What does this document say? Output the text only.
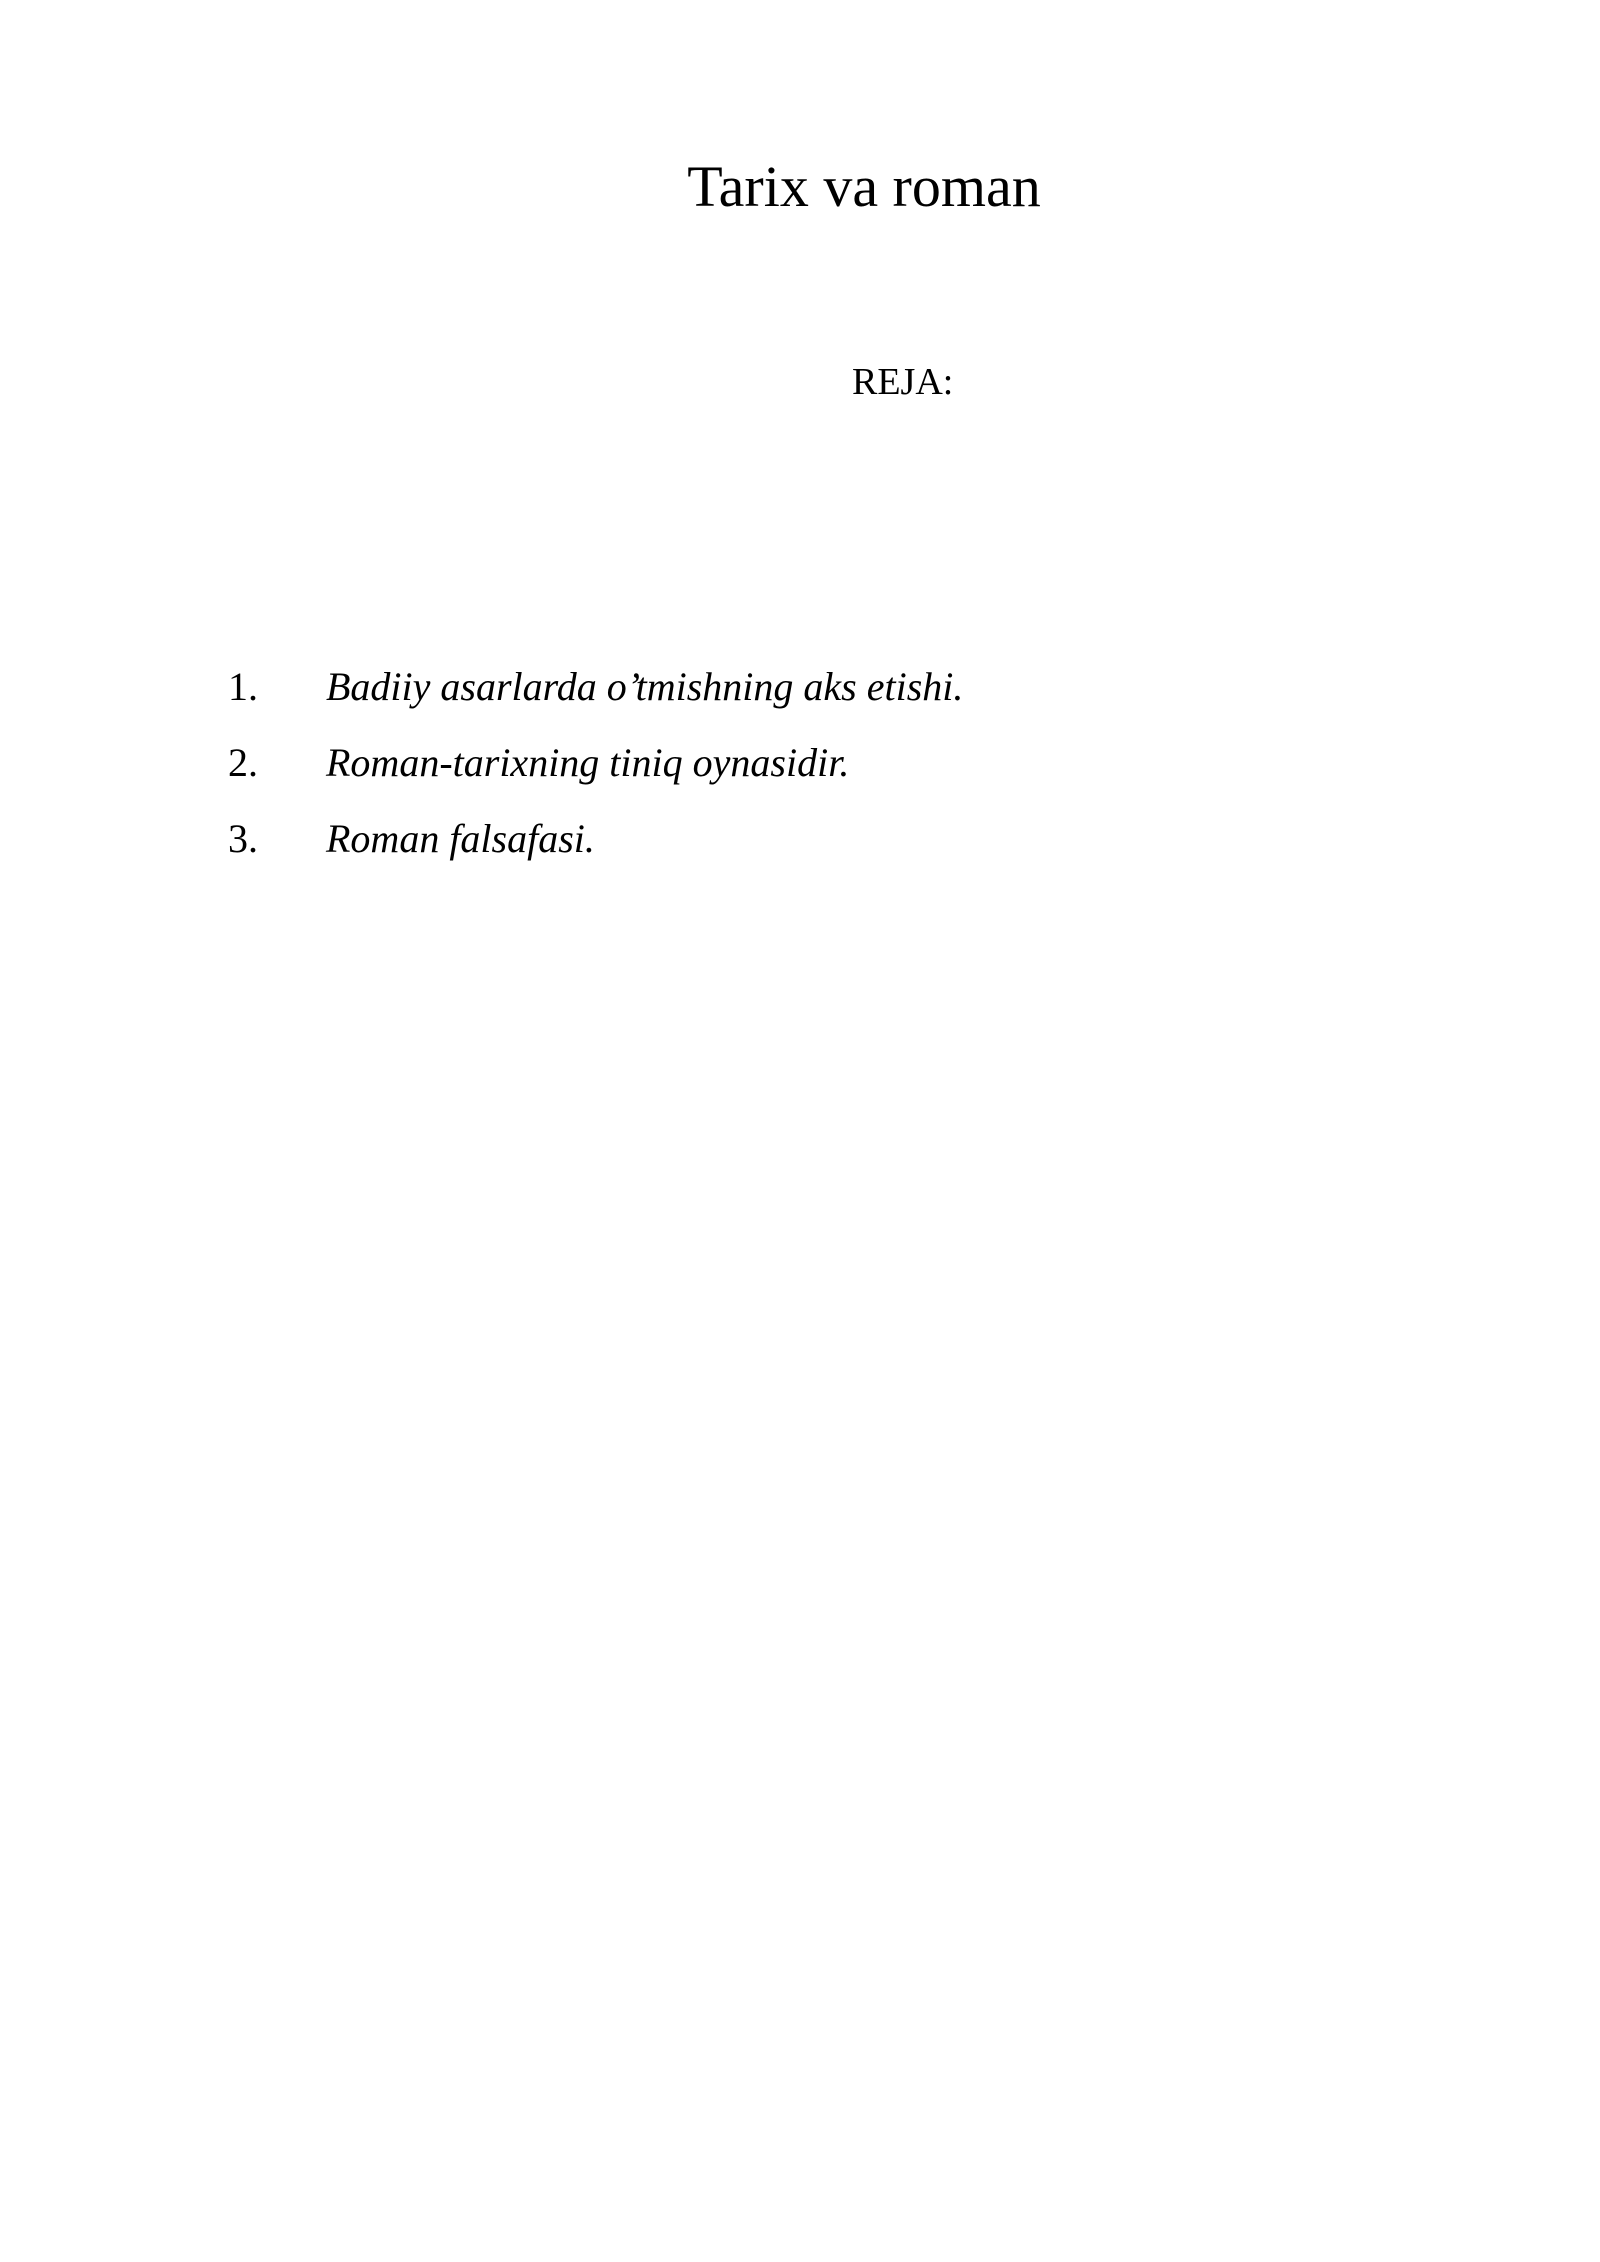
Tarix va roman
REJA:
1.	Badiiy asarlarda o’tmishning aks etishi.
2.	Roman-tarixning tiniq oynasidir.
3.	Roman falsafasi.
